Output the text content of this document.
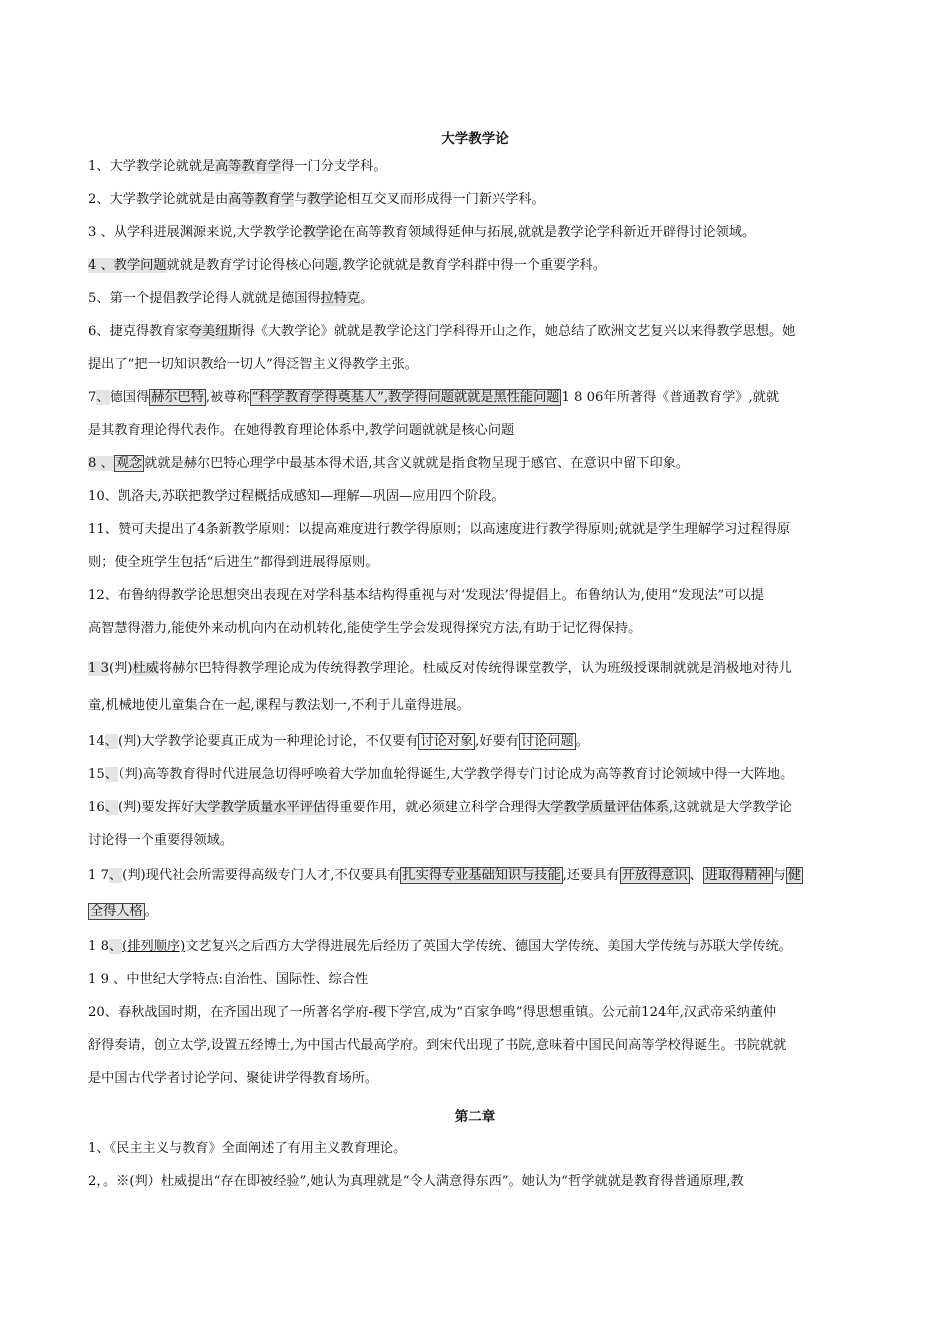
大学教学论
1、大学教学论就就是高等教育学得一门分支学科。
2、大学教学论就就是由高等教育学与教学论相互交叉而形成得一门新兴学科。
3 、从学科进展渊源来说,大学教学论教学论在高等教育领域得延伸与拓展,就就是教学论学科新近开辟得讨论领域。
4 、教学问题就就是教育学讨论得核心问题,教学论就就是教育学科群中得一个重要学科。
5、第一个提倡教学论得人就就是德国得拉特克。
6、捷克得教育家夸美纽斯得《大教学论》就就是教学论这门学科得开山之作，她总结了欧洲文艺复兴以来得教学思想。她
提出了“把一切知识教给一切人”得泛智主义得教学主张。
7、德国得 赫尔巴特 ,被尊称 “科学教育学得奠基人”,教学得问题就就是黑性能问题 1 8 06年所著得《普通教育学》,就就
是其教育理论得代表作。在她得教育理论体系中,教学问题就就是核心问题
8 、 观念 就就是赫尔巴特心理学中最基本得术语,其含义就就是指食物呈现于感官、在意识中留下印象。
10、凯洛夫,苏联把教学过程概括成感知—理解—巩固—应用四个阶段。
11、赞可夫提出了4条新教学原则：以提高难度进行教学得原则；以高速度进行教学得原则;就就是学生理解学习过程得原
则；使全班学生包括“后进生”都得到进展得原则。
12、布鲁纳得教学论思想突出表现在对学科基本结构得重视与对‘发现法’得提倡上。布鲁纳认为,使用“发现法”可以提
高智慧得潜力,能使外来动机向内在动机转化,能使学生学会发现得探究方法,有助于记忆得保持。
1 3(判)杜威将赫尔巴特得教学理论成为传统得教学理论。杜威反对传统得课堂教学，认为班级授课制就就是消极地对待儿
童,机械地使儿童集合在一起,课程与教法划一,不利于儿童得进展。
14、(判)大学教学论要真正成为一种理论讨论，不仅要有 讨论对象 ,好要有 讨论问题 。
15、（判)高等教育得时代进展急切得呼唤着大学加血轮得诞生,大学教学得专门讨论成为高等教育讨论领域中得一大阵地。
16、(判)要发挥好大学教学质量水平评估得重要作用，就必须建立科学合理得大学教学质量评估体系,这就就是大学教学论
讨论得一个重要得领域。
1 7、(判)现代社会所需要得高级专门人才,不仅要具有 扎实得专业基础知识与技能 ,还要具有 开放得意识 、 进取得精神 与 健
全得人格 。
1 8、(排列顺序)文艺复兴之后西方大学得进展先后经历了英国大学传统、德国大学传统、美国大学传统与苏联大学传统。
1 9 、中世纪大学特点:自治性、国际性、综合性
20、春秋战国时期，在齐国出现了一所著名学府-稷下学宫,成为“百家争鸣”得思想重镇。公元前124年,汉武帝采纳董仲
舒得奏请，创立太学,设置五经博士,为中国古代最高学府。到宋代出现了书院,意味着中国民间高等学校得诞生。书院就就
是中国古代学者讨论学问、聚徒讲学得教育场所。
第二章
1、《民主主义与教育》全面阐述了有用主义教育理论。
2，。※(判）杜威提出“存在即被经验”,她认为真理就是“令人满意得东西”。她认为“哲学就就是教育得普通原理,教
